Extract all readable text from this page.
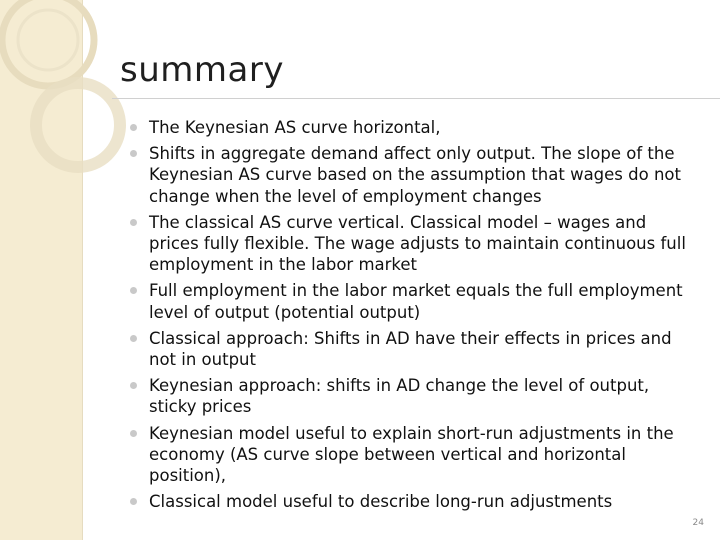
summary
The Keynesian AS curve horizontal,
Shifts in aggregate demand affect only output. The slope of the Keynesian AS curve based on the assumption that wages do not change when the level of employment changes
The classical AS curve vertical. Classical model – wages and prices fully flexible. The wage adjusts to maintain continuous full employment in the labor market
Full employment in the labor market equals the full employment level of output (potential output)
Classical approach: Shifts in AD have their effects in prices and not in output
Keynesian approach: shifts in AD change the level of output, sticky prices
Keynesian model useful to explain short-run adjustments in the economy (AS curve slope between vertical and horizontal position),
Classical model useful to describe long-run adjustments
24
